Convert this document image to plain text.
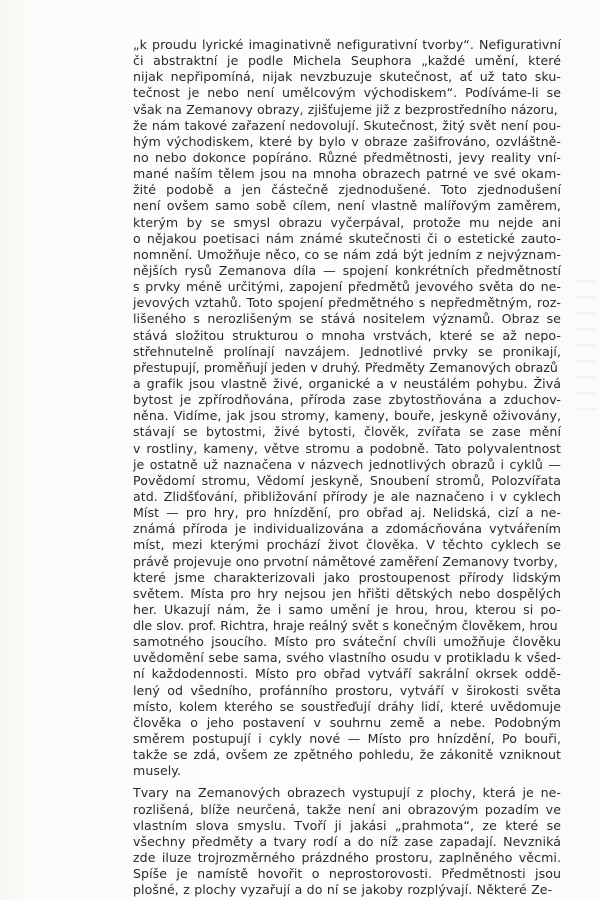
„k proudu lyrické imaginativně nefigurativní tvorby“. Nefigurativní
či abstraktní je podle Michela Seuphora „každé umění, které
nijak nepřipomíná, nijak nevzbuzuje skutečnost, ať už tato sku-
tečnost je nebo není umělcovým východiskem“. Podíváme-li se
však na Zemanovy obrazy, zjišťujeme již z bezprostředního názoru,
že nám takové zařazení nedovolují. Skutečnost, žitý svět není pou-
hým východiskem, které by bylo v obraze zašifrováno, ozvláštně-
no nebo dokonce popíráno. Různé předmětnosti, jevy reality vní-
mané naším tělem jsou na mnoha obrazech patrné ve své okam-
žité podobě a jen částečně zjednodušené. Toto zjednodušení
není ovšem samo sobě cílem, není vlastně malířovým zaměrem,
kterým by se smysl obrazu vyčerpával, protože mu nejde ani
o nějakou poetisaci nám známé skutečnosti či o estetické zauto-
nomnění. Umožňuje něco, co se nám zdá být jedním z nejvýznam-
nějších rysů Zemanova díla — spojení konkrétních předmětností
s prvky méně určitými, zapojení předmětů jevového světa do ne-
jevových vztahů. Toto spojení předmětného s nepředmětným, roz-
lišeného s nerozlišeným se stává nositelem významů. Obraz se
stává složitou strukturou o mnoha vrstvách, které se až nepo-
střehnutelně prolínají navzájem. Jednotlivé prvky se pronikají,
přestupují, proměňují jeden v druhý. Předměty Zemanových obrazů
a grafik jsou vlastně živé, organické a v neustálém pohybu. Živá
bytost je zpřírodňována, příroda zase zbytostňována a zduchov-
něna. Vidíme, jak jsou stromy, kameny, bouře, jeskyně oživovány,
stávají se bytostmi, živé bytosti, člověk, zvířata se zase mění
v rostliny, kameny, větve stromu a podobně. Tato polyvalentnost
je ostatně už naznačena v názvech jednotlivých obrazů i cyklů —
Povědomí stromu, Vědomí jeskyně, Snoubení stromů, Polozvířata
atd. Zlidšťování, přibližování přírody je ale naznačeno i v cyklech
Míst — pro hry, pro hnízdění, pro obřad aj. Nelidská, cizí a ne-
známá příroda je individualizována a zdomácňována vytvářením
míst, mezi kterými prochází život člověka. V těchto cyklech se
právě projevuje ono prvotní námětové zaměření Zemanovy tvorby,
které jsme charakterizovali jako prostoupenost přírody lidským
světem. Místa pro hry nejsou jen hřišti dětských nebo dospělých
her. Ukazují nám, že i samo umění je hrou, hrou, kterou si po-
dle slov. prof. Richtra, hraje reálný svět s konečným člověkem, hrou
samotného jsoucího. Místo pro sváteční chvíli umožňuje člověku
uvědomění sebe sama, svého vlastního osudu v protikladu k všed-
ní každodennosti. Místo pro obřad vytváří sakrální okrsek oddě-
lený od všedního, profánního prostoru, vytváří v širokosti světa
místo, kolem kterého se soustřeďují dráhy lidí, které uvědomuje
člověka o jeho postavení v souhrnu země a nebe. Podobným
směrem postupují i cykly nové — Místo pro hnízdění, Po bouři,
takže se zdá, ovšem ze zpětného pohledu, že zákonitě vzniknout
musely.
Tvary na Zemanových obrazech vystupují z plochy, která je ne-
rozlišená, blíže neurčená, takže není ani obrazovým pozadím ve
vlastním slova smyslu. Tvoří ji jakási „prahmota“, ze které se
všechny předměty a tvary rodí a do níž zase zapadají. Nevzniká
zde iluze trojrozměrného prázdného prostoru, zaplněného věcmi.
Spíše je namístě hovořit o neprostorovosti. Předmětnosti jsou
plošné, z plochy vyzařují a do ní se jakoby rozplývají. Některé Ze-
